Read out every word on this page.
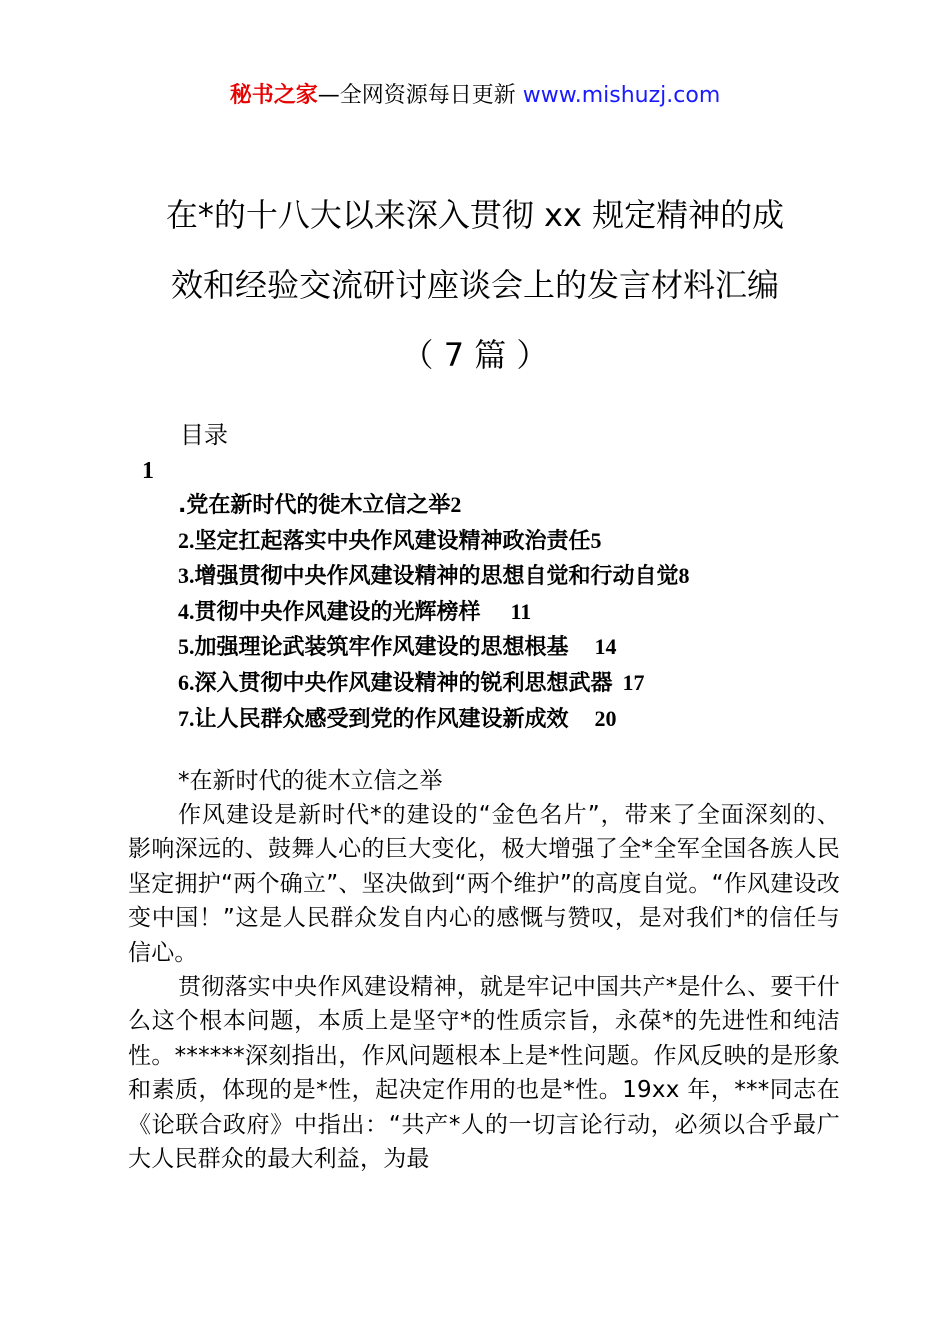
秘书之家—全网资源每日更新 www.mishuzj.com
在*的十八大以来深入贯彻 xx 规定精神的成
效和经验交流研讨座谈会上的发言材料汇编
（ 7 篇 ）
目录
1
.党在新时代的徙木立信之举2
2.坚定扛起落实中央作风建设精神政治责任5
3.增强贯彻中央作风建设精神的思想自觉和行动自觉8
4.贯彻中央作风建设的光辉榜样 11
5.加强理论武装筑牢作风建设的思想根基 14
6.深入贯彻中央作风建设精神的锐利思想武器 17
7.让人民群众感受到党的作风建设新成效 20
*在新时代的徙木立信之举

作风建设是新时代*的建设的“金色名片”，带来了全面深刻的、影响深远的、鼓舞人心的巨大变化，极大增强了全*全军全国各族人民坚定拥护“两个确立”、坚决做到“两个维护”的高度自觉。“作风建设改变中国！”这是人民群众发自内心的感慨与赞叹，是对我们*的信任与信心。

贯彻落实中央作风建设精神，就是牢记中国共产*是什么、要干什么这个根本问题，本质上是坚守*的性质宗旨，永葆*的先进性和纯洁性。******深刻指出，作风问题根本上是*性问题。作风反映的是形象和素质，体现的是*性，起决定作用的也是*性。19xx 年，***同志在《论联合政府》中指出：“共产*人的一切言论行动，必须以合乎最广大人民群众的最大利益，为最
